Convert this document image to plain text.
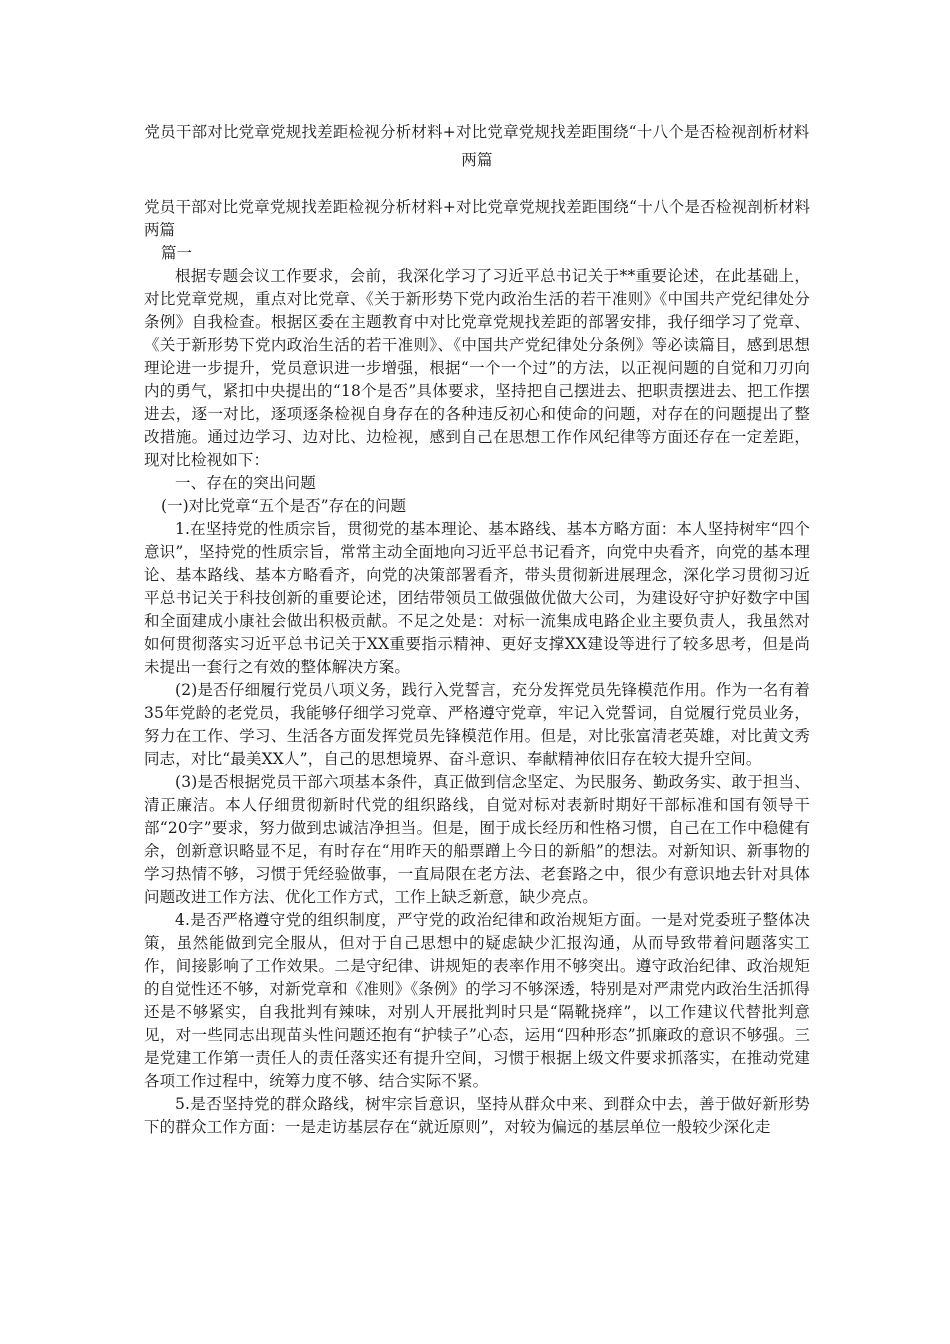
党员干部对比党章党规找差距检视分析材料+对比党章党规找差距围绕“十八个是否检视剖析材料两篇

党员干部对比党章党规找差距检视分析材料+对比党章党规找差距围绕“十八个是否检视剖析材料两篇

篇一

根据专题会议工作要求，会前，我深化学习了习近平总书记关于**重要论述，在此基础上，对比党章党规，重点对比党章、《关于新形势下党内政治生活的若干准则》《中国共产党纪律处分条例》自我检查。根据区委在主题教育中对比党章党规找差距的部署安排，我仔细学习了党章、《关于新形势下党内政治生活的若干准则》、《中国共产党纪律处分条例》等必读篇目，感到思想理论进一步提升，党员意识进一步增强，根据“一个一个过”的方法，以正视问题的自觉和刀刃向内的勇气，紧扣中央提出的“18个是否”具体要求，坚持把自己摆进去、把职责摆进去、把工作摆进去，逐一对比，逐项逐条检视自身存在的各种违反初心和使命的问题，对存在的问题提出了整改措施。通过边学习、边对比、边检视，感到自己在思想工作作风纪律等方面还存在一定差距，现对比检视如下：

一、存在的突出问题

(一)对比党章“五个是否”存在的问题

1.在坚持党的性质宗旨，贯彻党的基本理论、基本路线、基本方略方面：本人坚持树牢“四个意识”，坚持党的性质宗旨，常常主动全面地向习近平总书记看齐，向党中央看齐，向党的基本理论、基本路线、基本方略看齐，向党的决策部署看齐，带头贯彻新进展理念，深化学习贯彻习近平总书记关于科技创新的重要论述，团结带领员工做强做优做大公司，为建设好守护好数字中国和全面建成小康社会做出积极贡献。不足之处是：对标一流集成电路企业主要负责人，我虽然对如何贯彻落实习近平总书记关于XX重要指示精神、更好支撑XX建设等进行了较多思考，但是尚未提出一套行之有效的整体解决方案。

(2)是否仔细履行党员八项义务，践行入党誓言，充分发挥党员先锋模范作用。作为一名有着35年党龄的老党员，我能够仔细学习党章、严格遵守党章，牢记入党誓词，自觉履行党员业务，努力在工作、学习、生活各方面发挥党员先锋模范作用。但是，对比张富清老英雄，对比黄文秀同志，对比“最美XX人”，自己的思想境界、奋斗意识、奉献精神依旧存在较大提升空间。

(3)是否根据党员干部六项基本条件，真正做到信念坚定、为民服务、勤政务实、敢于担当、清正廉洁。本人仔细贯彻新时代党的组织路线，自觉对标对表新时期好干部标准和国有领导干部“20字”要求，努力做到忠诚洁净担当。但是，囿于成长经历和性格习惯，自己在工作中稳健有余，创新意识略显不足，有时存在“用昨天的船票蹭上今日的新船”的想法。对新知识、新事物的学习热情不够，习惯于凭经验做事，一直局限在老方法、老套路之中，很少有意识地去针对具体问题改进工作方法、优化工作方式，工作上缺乏新意，缺少亮点。

4.是否严格遵守党的组织制度，严守党的政治纪律和政治规矩方面。一是对党委班子整体决策，虽然能做到完全服从，但对于自己思想中的疑虑缺少汇报沟通，从而导致带着问题落实工作，间接影响了工作效果。二是守纪律、讲规矩的表率作用不够突出。遵守政治纪律、政治规矩的自觉性还不够，对新党章和《准则》《条例》的学习不够深透，特别是对严肃党内政治生活抓得还是不够紧实，自我批判有辣味，对别人开展批判时只是“隔靴挠痒”，以工作建议代替批判意见，对一些同志出现苗头性问题还抱有“护犊子”心态，运用“四种形态”抓廉政的意识不够强。三是党建工作第一责任人的责任落实还有提升空间，习惯于根据上级文件要求抓落实，在推动党建各项工作过程中，统筹力度不够、结合实际不紧。

5.是否坚持党的群众路线，树牢宗旨意识，坚持从群众中来、到群众中去，善于做好新形势下的群众工作方面：一是走访基层存在“就近原则”，对较为偏远的基层单位一般较少深化走
